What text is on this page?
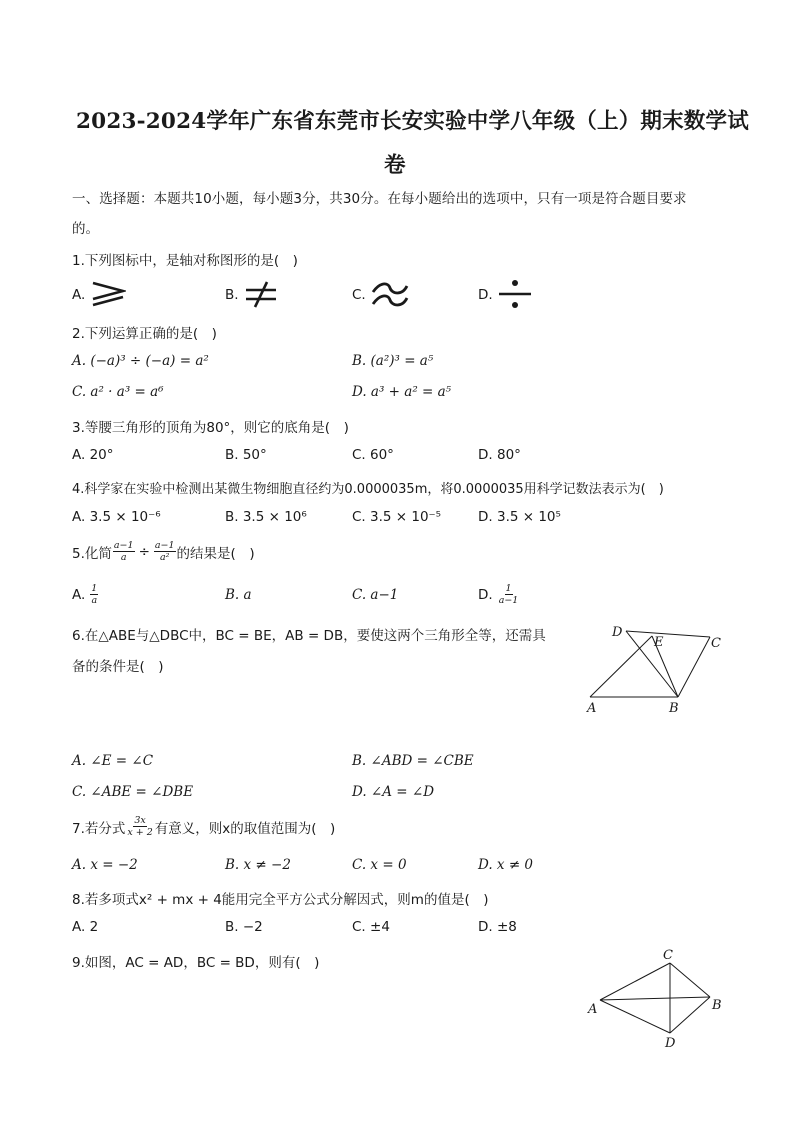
2023-2024学年广东省东莞市长安实验中学八年级（上）期末数学试
卷
一、选择题：本题共10小题，每小题3分，共30分。在每小题给出的选项中，只有一项是符合题目要求
的。
1.下列图标中，是轴对称图形的是(　)
A.	B.	C.	D.
2.下列运算正确的是(　)
A. (−a)³ ÷ (−a) = a²	B. (a²)³ = a⁵
C. a² · a³ = a⁶	D. a³ + a² = a⁵
3.等腰三角形的顶角为80°，则它的底角是(　)
A. 20°	B. 50°	C. 60°	D. 80°
4.科学家在实验中检测出某微生物细胞直径约为0.0000035m，将0.0000035用科学记数法表示为(　)
A. 3.5 × 10⁻⁶	B. 3.5 × 10⁶	C. 3.5 × 10⁻⁵	D. 3.5 × 10⁵
5.化简 $\frac{a-1}{a} \div \frac{a-1}{\text{a²}}$ 的结果是(　)
A. $\frac{1}{a}$	B. a	C. a−1	D. $\frac{1}{a-1}$
6.在△ABE与△DBC中，BC = BE，AB = DB，要使这两个三角形全等，还需具
备的条件是(　)
D
E	C
A	B
A. ∠E = ∠C	B. ∠ABD = ∠CBE
C. ∠ABE = ∠DBE	D. ∠A = ∠D
7.若分式 $\frac{3x}{x + 2}$ 有意义，则x的取值范围为(　)
A. x = −2	B. x ≠ −2	C. x = 0	D. x ≠ 0
8.若多项式x² + mx + 4能用完全平方公式分解因式，则m的值是(　)
A. 2	B. −2	C. ±4	D. ±8
9.如图，AC = AD，BC = BD，则有(　)	C
A	B
D
